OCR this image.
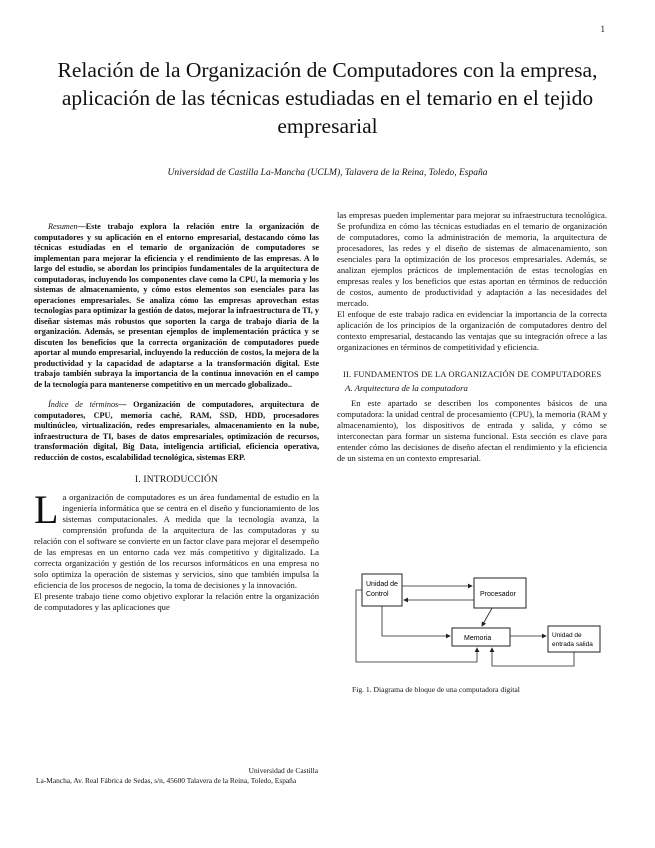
1
Relación de la Organización de Computadores con la empresa, aplicación de las técnicas estudiadas en el temario en el tejido empresarial
Universidad de Castilla La-Mancha (UCLM), Talavera de la Reina, Toledo, España

Resumen—Este trabajo explora la relación entre la organización de computadores y su aplicación en el entorno empresarial, destacando cómo las técnicas estudiadas en el temario de organización de computadores se implementan para mejorar la eficiencia y el rendimiento de las empresas. A lo largo del estudio, se abordan los principios fundamentales de la arquitectura de computadoras, incluyendo los componentes clave como la CPU, la memoria y los sistemas de almacenamiento, y cómo estos elementos son esenciales para las operaciones empresariales. Se analiza cómo las empresas aprovechan estas tecnologías para optimizar la gestión de datos, mejorar la infraestructura de TI, y diseñar sistemas más robustos que soporten la carga de trabajo diaria de la organización. Además, se presentan ejemplos de implementación práctica y se discuten los beneficios que la correcta organización de computadores puede aportar al mundo empresarial, incluyendo la reducción de costos, la mejora de la productividad y la capacidad de adaptarse a la transformación digital. Este trabajo también subraya la importancia de la continua innovación en el campo de la tecnología para mantenerse competitivo en un mercado globalizado..

Índice de términos— Organización de computadores, arquitectura de computadores, CPU, memoria caché, RAM, SSD, HDD, procesadores multinúcleo, virtualización, redes empresariales, almacenamiento en la nube, infraestructura de TI, bases de datos empresariales, optimización de recursos, transformación digital, Big Data, inteligencia artificial, eficiencia operativa, reducción de costos, escalabilidad tecnológica, sistemas ERP.

I. INTRODUCCIÓN

La organización de computadores es un área fundamental de estudio en la ingeniería informática que se centra en el diseño y funcionamiento de los sistemas computacionales. A medida que la tecnología avanza, la comprensión profunda de la arquitectura de las computadoras y su relación con el software se convierte en un factor clave para mejorar el desempeño de las empresas en un entorno cada vez más competitivo y digitalizado. La correcta organización y gestión de los recursos informáticos en una empresa no solo optimiza la operación de sistemas y servicios, sino que también impulsa la eficiencia de los procesos de negocio, la toma de decisiones y la innovación.

El presente trabajo tiene como objetivo explorar la relación entre la organización de computadores y las aplicaciones que

las empresas pueden implementar para mejorar su infraestructura tecnológica. Se profundiza en cómo las técnicas estudiadas en el temario de organización de computadores, como la administración de memoria, la arquitectura de procesadores, las redes y el diseño de sistemas de almacenamiento, son esenciales para la optimización de los procesos empresariales. Además, se analizan ejemplos prácticos de implementación de estas tecnologías en empresas reales y los beneficios que estas aportan en términos de reducción de costos, aumento de productividad y adaptación a las necesidades del mercado.

El enfoque de este trabajo radica en evidenciar la importancia de la correcta aplicación de los principios de la organización de computadores dentro del contexto empresarial, destacando las ventajas que su integración ofrece a las organizaciones en términos de competitividad y eficiencia.

II. FUNDAMENTOS DE LA ORGANIZACIÓN DE COMPUTADORES
A. Arquitectura de la computadora

En este apartado se describen los componentes básicos de una computadora: la unidad central de procesamiento (CPU), la memoria (RAM y almacenamiento), los dispositivos de entrada y salida, y cómo se interconectan para formar un sistema funcional. Esta sección es clave para entender cómo las decisiones de diseño afectan el rendimiento y la eficiencia de un sistema en un contexto empresarial.

Unidad de
Control	Procesador
Memoria	Unidad de
entrada salida
Fig. 1. Diagrama de bloque de una computadora digital
Universidad de Castilla
La-Mancha, Av. Real Fábrica de Sedas, s/n, 45600 Talavera de la Reina, Toledo, España
